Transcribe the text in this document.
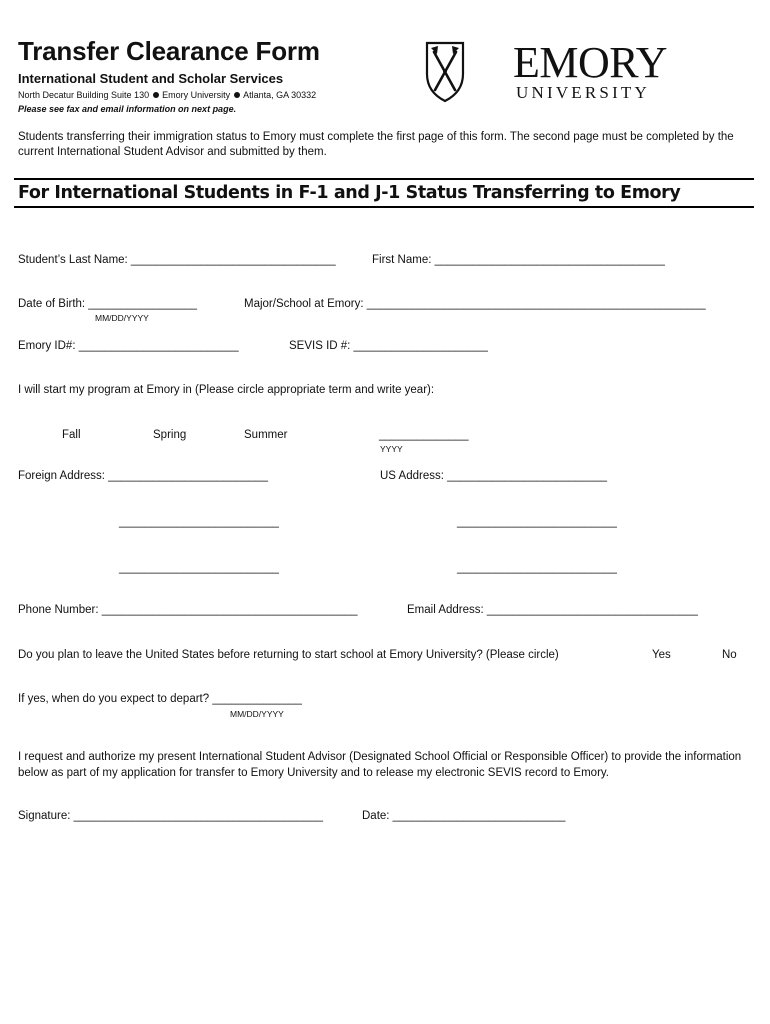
Transfer Clearance Form
International Student and Scholar Services
North Decatur Building Suite 130 Emory University Atlanta, GA 30332
Please see fax and email information on next page.
EMORY
UNIVERSITY
Students transferring their immigration status to Emory must complete the first page of this form. The second page must be completed by the current International Student Advisor and submitted by them.
For International Students in F-1 and J-1 Status Transferring to Emory
Student’s Last Name: ________________________________	First Name: ____________________________________
Date of Birth: _________________
MM/DD/YYYY
Major/School at Emory: _____________________________________________________
Emory ID#: _________________________	SEVIS ID #: _____________________
I will start my program at Emory in (Please circle appropriate term and write year):
Fall	Spring	Summer	______________
YYYY
Foreign Address: _________________________	US Address: _________________________
_________________________	_________________________
_________________________	_________________________
Phone Number: ________________________________________	Email Address: _________________________________
Do you plan to leave the United States before returning to start school at Emory University? (Please circle)	Yes	No
If yes, when do you expect to depart? ______________
MM/DD/YYYY
I request and authorize my present International Student Advisor (Designated School Official or Responsible Officer) to provide the information below as part of my application for transfer to Emory University and to release my electronic SEVIS record to Emory.
Signature: _______________________________________	Date: ___________________________
